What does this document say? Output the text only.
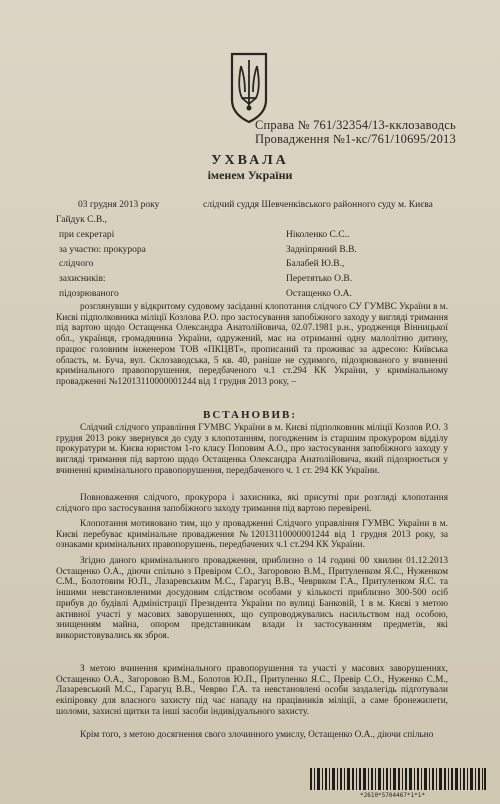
Справа № 761/32354/13-кклозаводсь
Провадження №1-кс/761/10695/2013
УХВАЛА
іменем України
03 грудня 2013 року	слідчий суддя Шевченківського районного суду м. Києва
Гайдук С.В.,
при секретарі	Ніколенко С.С..
за участю: прокурора	Задніпряний В.В.
слідчого	Балабей Ю.В.,
захисників:	Перетятько О.В.
підозрюваного	Остащенко О.А.
розглянувши у відкритому судовому засіданні клопотання слідчого СУ ГУМВС України в м. Києві підполковника міліції Козлова Р.О. про застосування запобіжного заходу у вигляді тримання під вартою щодо Остащенка Олександра Анатолійовича, 02.07.1981 р.н., уродженця Вінницької обл., українця, громадянина України, одружений, має на отриманні одну малолітню дитину, працює головним інженером ТОВ «ПКЦВТ», прописаний та проживає за адресою: Київська область, м. Буча, вул. Склозаводська, 5 кв. 40, раніше не судимого, підозрюваного у вчиненні кримінального правопорушення, передбаченого ч.1 ст.294 КК України, у кримінальному провадженні №12013110000001244 від 1 грудня 2013 року, –
ВСТАНОВИВ:
Слідчий слідчого управління ГУМВС України в м. Києві підполковник міліції Козлов Р.О. 3 грудня 2013 року звернувся до суду з клопотанням, погодженим із старшим прокурором відділу прокуратури м. Києва юристом 1-го класу Поповим А.О., про застосування запобіжного заходу у вигляді тримання під вартою щодо Остащенка Олександра Анатолійовича, який підозрюється у вчиненні кримінального правопорушення, передбаченого ч. 1 ст. 294 КК України.
Повноваження слідчого, прокурора і захисника, які присутні при розгляді клопотання слідчого про застосування запобіжного заходу тримання під вартою перевірені.
Клопотання мотивовано тим, що у провадженні Слідчого управління ГУМВС України в м. Києві перебуває кримінальне провадження №12013110000001244 від 1 грудня 2013 року, за ознаками кримінальних правопорушень, передбачених ч.1 ст.294 КК України.
Згідно даного кримінального провадження, приблизно о 14 годині 00 хвилин 01.12.2013 Остащенко О.А., діючи спільно з Превіром С.О., Загоровою В.М., Притуленком Я.С., Нуженком С.М., Болотовим Ю.П., Лазаревським М.С., Гарагуц В.В., Чеврвком Г.А., Притуленком Я.С. та іншими невстановленими досудовим слідством особами у кількості приблизно 300-500 осіб прибув до будівлі Адміністрації Президента України по вулиці Банковій, 1 в м. Києві з метою активної участі у масових заворушеннях, що супроводжувались насильством над особою, знищенням майна, опором представникам влади із застосуванням предметів, які використовувались як зброя.
З метою вчинення кримінального правопорушення та участі у масових заворушеннях, Остащенко О.А., Загоровою В.М., Болотов Ю.П., Притуленко Я.С., Превір С.О., Нуженко С.М., Лазаревський М.С., Гарагуц В.В., Чеврво Г.А. та невстановлені особи заздалегідь підготували екіпіровку для власного захисту під час нападу на працівників міліції, а саме бронежилети, шоломи, захисні щитки та інші засоби індивідуального захисту.
Крім того, з метою досягнення свого злочинного умислу, Остащенко О.А., діючи спільно
*2610*5704467*1*1*
